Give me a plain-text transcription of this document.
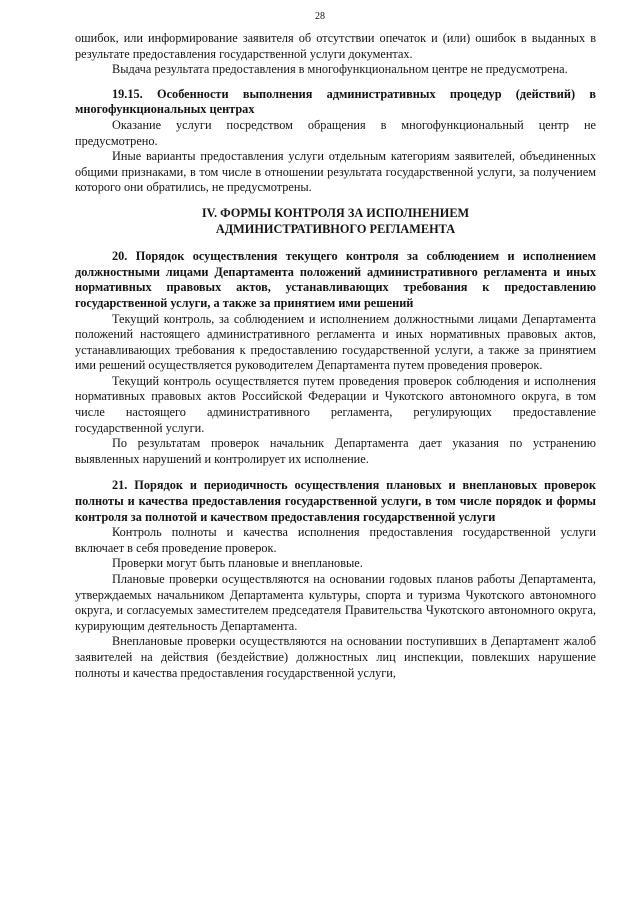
28

ошибок, или информирование заявителя об отсутствии опечаток и (или) ошибок в выданных в результате предоставления государственной услуги документах.

Выдача результата предоставления в многофункциональном центре не предусмотрена.

19.15. Особенности выполнения административных процедур (действий) в многофункциональных центрах

Оказание услуги посредством обращения в многофункциональный центр не предусмотрено.

Иные варианты предоставления услуги отдельным категориям заявителей, объединенных общими признаками, в том числе в отношении результата государственной услуги, за получением которого они обратились, не предусмотрены.

IV. ФОРМЫ КОНТРОЛЯ ЗА ИСПОЛНЕНИЕМ

АДМИНИСТРАТИВНОГО РЕГЛАМЕНТА

20. Порядок осуществления текущего контроля за соблюдением и исполнением должностными лицами Департамента положений административного регламента и иных нормативных правовых актов, устанавливающих требования к предоставлению государственной услуги, а также за принятием ими решений

Текущий контроль, за соблюдением и исполнением должностными лицами Департамента положений настоящего административного регламента и иных нормативных правовых актов, устанавливающих требования к предоставлению государственной услуги, а также за принятием ими решений осуществляется руководителем Департамента путем проведения проверок.

Текущий контроль осуществляется путем проведения проверок соблюдения и исполнения нормативных правовых актов Российской Федерации и Чукотского автономного округа, в том числе настоящего административного регламента, регулирующих предоставление государственной услуги.

По результатам проверок начальник Департамента дает указания по устранению выявленных нарушений и контролирует их исполнение.

21. Порядок и периодичность осуществления плановых и внеплановых проверок полноты и качества предоставления государственной услуги, в том числе порядок и формы контроля за полнотой и качеством предоставления государственной услуги

Контроль полноты и качества исполнения предоставления государственной услуги включает в себя проведение проверок.

Проверки могут быть плановые и внеплановые.

Плановые проверки осуществляются на основании годовых планов работы Департамента, утверждаемых начальником Департамента культуры, спорта и туризма Чукотского автономного округа, и согласуемых заместителем председателя Правительства Чукотского автономного округа, курирующим деятельность Департамента.

Внеплановые проверки осуществляются на основании поступивших в Департамент жалоб заявителей на действия (бездействие) должностных лиц инспекции, повлекших нарушение полноты и качества предоставления государственной услуги,
